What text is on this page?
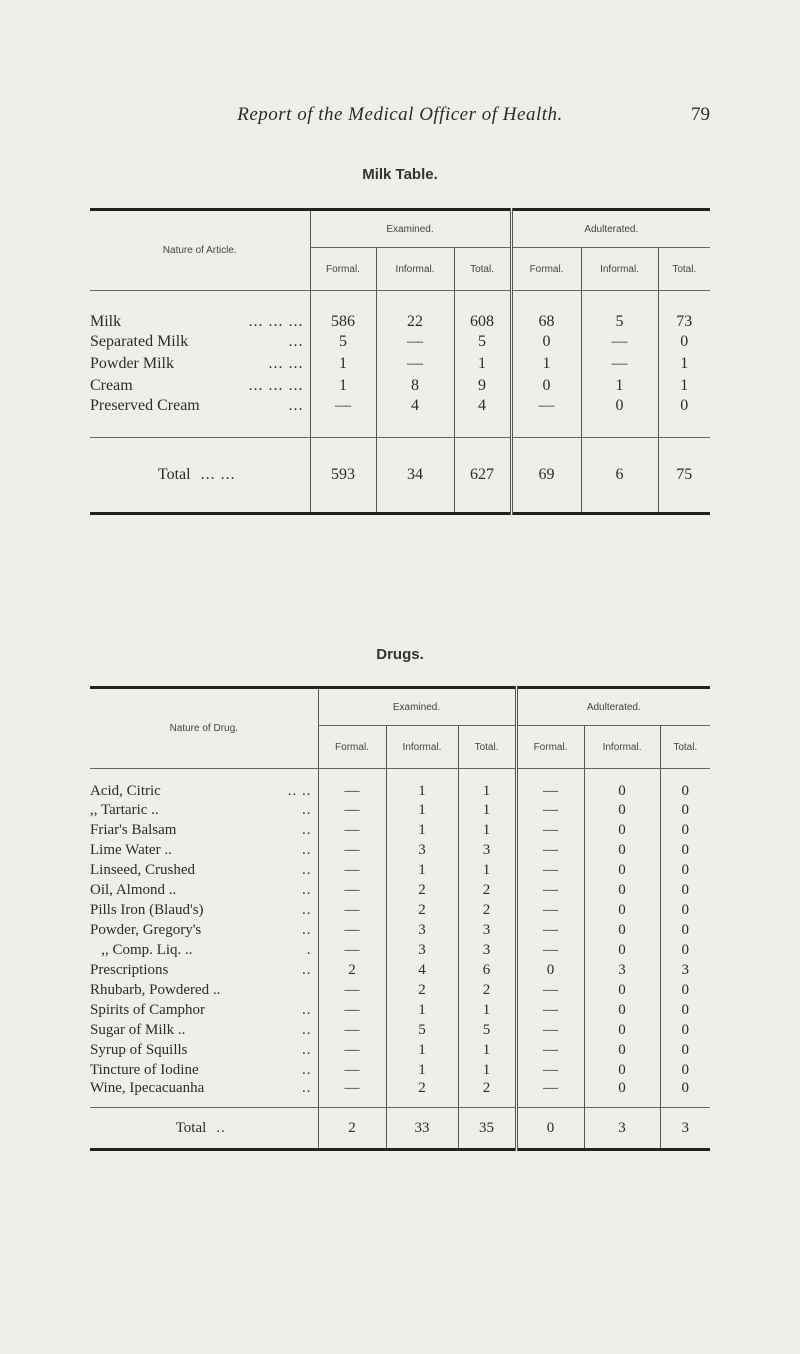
Report of the Medical Officer of Health.	79
Milk Table.
Nature of Article.	Examined.			Adulterated.		
	Formal.	Informal.	Total.	Formal.	Informal.	Total.

Milk ... ... ...	586	22	608	68	5	73

Separated Milk ...	5	—	5	0	—	0

Powder Milk ... ...	1	—	1	1	—	1

Cream ... ... ...	1	8	9	0	1	1

Preserved Cream ...	—	4	4	—	0	0

Total ... ...	593	34	627	69	6	75
Drugs.
Nature of Drug.	Examined.			Adulterated.		
	Formal.	Informal.	Total.	Formal.	Informal.	Total.

Acid, Citric .. ..	—	1	1	—	0	0

,, Tartaric .. ..	—	1	1	—	0	0

Friar's Balsam ..	—	1	1	—	0	0

Lime Water .. ..	—	3	3	—	0	0

Linseed, Crushed ..	—	1	1	—	0	0

Oil, Almond .. ..	—	2	2	—	0	0

Pills Iron (Blaud's) ..	—	2	2	—	0	0

Powder, Gregory's ..	—	3	3	—	0	0

,, Comp. Liq. .. .	—	3	3	—	0	0

Prescriptions ..	2	4	6	0	3	3

Rhubarb, Powdered ..	—	2	2	—	0	0

Spirits of Camphor ..	—	1	1	—	0	0

Sugar of Milk .. ..	—	5	5	—	0	0

Syrup of Squills ..	—	1	1	—	0	0

Tincture of Iodine ..	—	1	1	—	0	0

Wine, Ipecacuanha ..	—	2	2	—	0	0

Total ..	2	33	35	0	3	3
